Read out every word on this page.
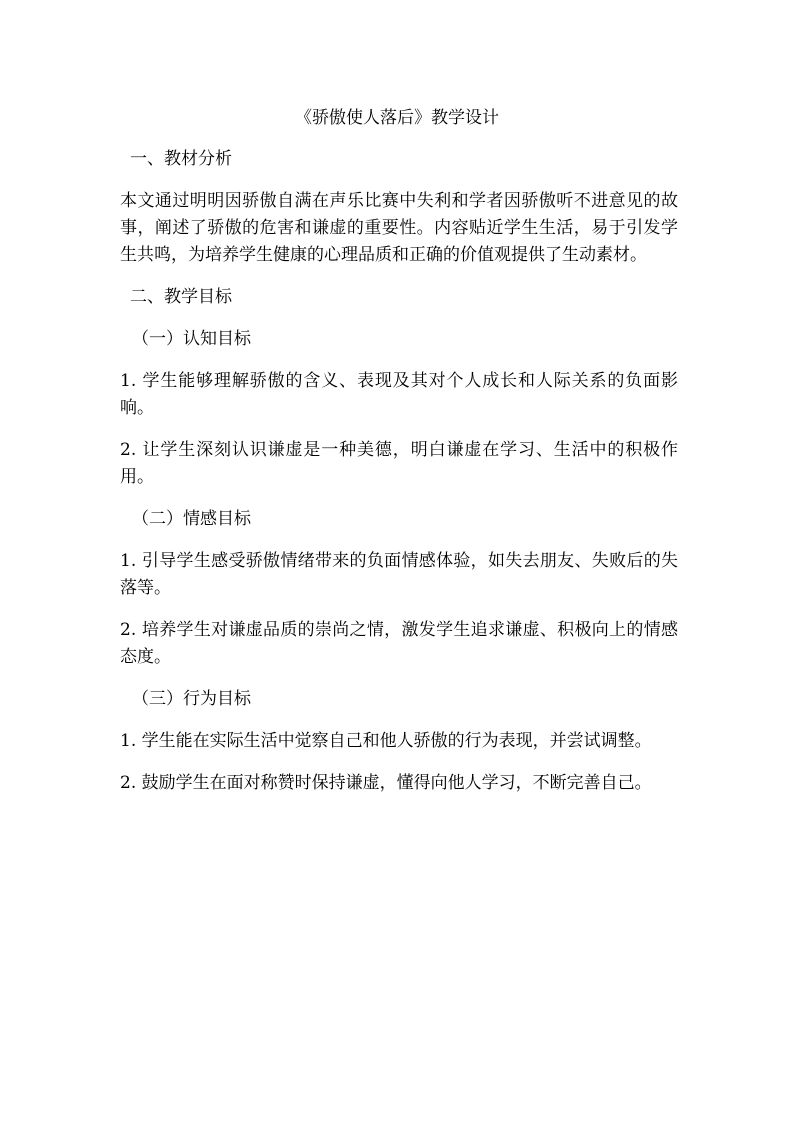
《骄傲使人落后》教学设计

一、教材分析

本文通过明明因骄傲自满在声乐比赛中失利和学者因骄傲听不进意见的故事，阐述了骄傲的危害和谦虚的重要性。内容贴近学生生活，易于引发学生共鸣，为培养学生健康的心理品质和正确的价值观提供了生动素材。

二、教学目标

（一）认知目标

1. 学生能够理解骄傲的含义、表现及其对个人成长和人际关系的负面影响。

2. 让学生深刻认识谦虚是一种美德，明白谦虚在学习、生活中的积极作用。

（二）情感目标

1. 引导学生感受骄傲情绪带来的负面情感体验，如失去朋友、失败后的失落等。

2. 培养学生对谦虚品质的崇尚之情，激发学生追求谦虚、积极向上的情感态度。

（三）行为目标

1. 学生能在实际生活中觉察自己和他人骄傲的行为表现，并尝试调整。

2. 鼓励学生在面对称赞时保持谦虚，懂得向他人学习，不断完善自己。
